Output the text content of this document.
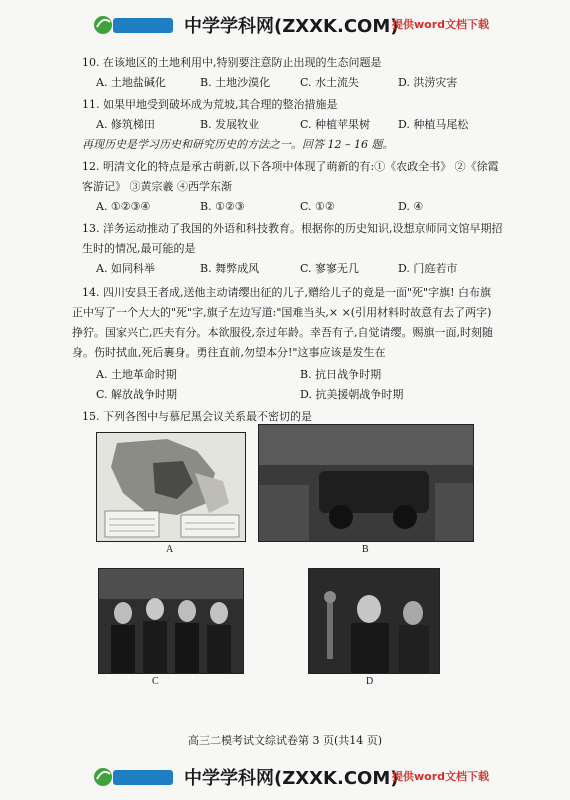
中学学科网(ZXXK.COM)
提供word文档下载
10. 在该地区的土地利用中,特别要注意防止出现的生态问题是
A. 土地盐碱化	B. 土地沙漠化	C. 水土流失	D. 洪涝灾害
11. 如果甲地受到破坏成为荒坡,其合理的整治措施是
A. 修筑梯田	B. 发展牧业	C. 种植苹果树	D. 种植马尾松
再现历史是学习历史和研究历史的方法之一。回答 12 – 16 题。
12. 明清文化的特点是承古萌新,以下各项中体现了萌新的有:①《农政全书》 ②《徐霞
客游记》 ③黄宗羲 ④西学东渐
A. ①②③④	B. ①②③	C. ①②	D. ④
13. 洋务运动推动了我国的外语和科技教育。根据你的历史知识,设想京师同文馆早期招
生时的情况,最可能的是
A. 如同科举	B. 舞弊成风	C. 寥寥无几	D. 门庭若市
14. 四川安县王者成,送他主动请缨出征的儿子,赠给儿子的竟是一面"死"字旗! 白布旗
正中写了一个大大的"死"字,旗子左边写道:"国难当头,× ×(引用材料时故意有去了两字)
挣狞。国家兴亡,匹夫有分。本欲服役,奈过年龄。幸吾有子,自觉请缨。赐旗一面,时刻随
身。伤时拭血,死后裹身。勇往直前,勿望本分!"这事应该是发生在
A. 土地革命时期	B. 抗日战争时期
C. 解放战争时期	D. 抗美援朝战争时期
15. 下列各图中与慕尼黑会议关系最不密切的是
A	B
C	D
高三二模考试文综试卷第 3 页(共14 页)
中学学科网(ZXXK.COM)
提供word文档下载
